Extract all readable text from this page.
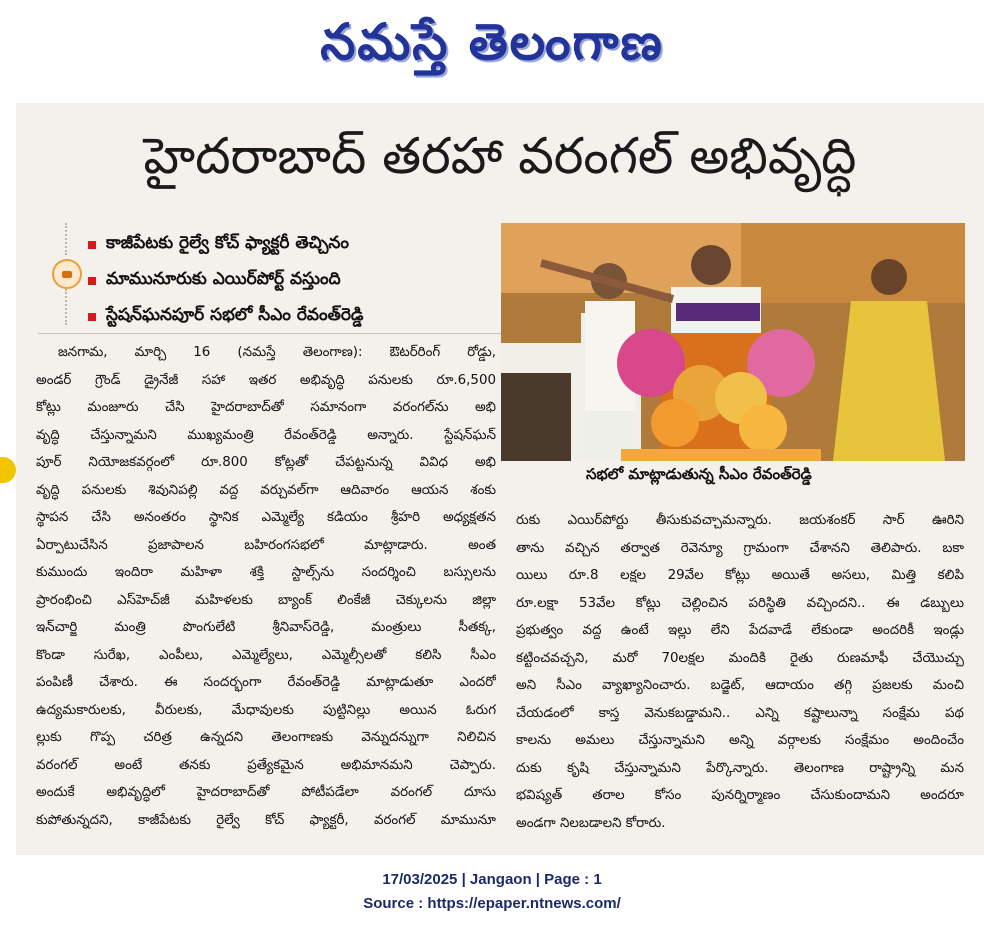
నమస్తే తెలంగాణ
హైదరాబాద్ తరహా వరంగల్ అభివృద్ధి
కాజీపేటకు రైల్వే కోచ్ ఫ్యాక్టరీ తెచ్చినం
మామునూరుకు ఎయిర్‌పోర్ట్ వస్తుంది
స్టేషన్‌ఘనపూర్ సభలో సీఎం రేవంత్‌రెడ్డి
సభలో మాట్లాడుతున్న సీఎం రేవంత్‌రెడ్డి
జనగామ, మార్చి 16 (నమస్తే తెలంగాణ): ఔటర్‌రింగ్ రోడ్డు,
అండర్ గ్రౌండ్ డ్రైనేజీ సహా ఇతర అభివృద్ధి పనులకు రూ.6,500
కోట్లు మంజూరు చేసి హైదరాబాద్‌తో సమానంగా వరంగల్‌ను అభి
వృద్ధి చేస్తున్నామని ముఖ్యమంత్రి రేవంత్‌రెడ్డి అన్నారు. స్టేషన్‌ఘన్
పూర్ నియోజకవర్గంలో రూ.800 కోట్లతో చేపట్టనున్న వివిధ అభి
వృద్ధి పనులకు శివునిపల్లి వద్ద వర్చువల్‌గా ఆదివారం ఆయన శంకు
స్థాపన చేసి అనంతరం స్థానిక ఎమ్మెల్యే కడియం శ్రీహరి అధ్యక్షతన
ఏర్పాటుచేసిన ప్రజాపాలన బహిరంగసభలో మాట్లాడారు. అంత
కుముందు ఇందిరా మహిళా శక్తి స్టాల్స్‌ను సందర్శించి బస్సులను
ప్రారంభించి ఎస్‌హెచ్‌జీ మహిళలకు బ్యాంక్ లింకేజీ చెక్కులను జిల్లా
ఇన్‌చార్జి మంత్రి పొంగులేటి శ్రీనివాస్‌రెడ్డి, మంత్రులు సీతక్క,
కొండా సురేఖ, ఎంపీలు, ఎమ్మెల్యేలు, ఎమ్మెల్సీలతో కలిసి సీఎం
పంపిణీ చేశారు. ఈ సందర్భంగా రేవంత్‌రెడ్డి మాట్లాడుతూ ఎందరో
ఉద్యమకారులకు, వీరులకు, మేధావులకు పుట్టినిల్లు అయిన ఓరుగ
ల్లుకు గొప్ప చరిత్ర ఉన్నదని తెలంగాణకు వెన్నుదన్నుగా నిలిచిన
వరంగల్ అంటే తనకు ప్రత్యేకమైన అభిమానమని చెప్పారు.
అందుకే అభివృద్ధిలో హైదరాబాద్‌తో పోటీపడేలా వరంగల్ దూసు
కుపోతున్నదని, కాజీపేటకు రైల్వే కోచ్ ఫ్యాక్టరీ, వరంగల్ మామునూ
రుకు ఎయిర్‌పోర్టు తీసుకువచ్చామన్నారు. జయశంకర్ సార్ ఊరిని
తాను వచ్చిన తర్వాత రెవెన్యూ గ్రామంగా చేశానని తెలిపారు. బకా
యిలు రూ.8 లక్షల 29వేల కోట్లు అయితే అసలు, మిత్తి కలిపి
రూ.లక్షా 53వేల కోట్లు చెల్లించిన పరిస్థితి వచ్చిందని.. ఈ డబ్బులు
ప్రభుత్వం వద్ద ఉంటే ఇల్లు లేని పేదవాడే లేకుండా అందరికీ ఇండ్లు
కట్టించవచ్చని, మరో 70లక్షల మందికి రైతు రుణమాఫీ చేయొచ్చు
అని సీఎం వ్యాఖ్యానించారు. బడ్జెట్, ఆదాయం తగ్గి ప్రజలకు మంచి
చేయడంలో కాస్త వెనుకబడ్డామని.. ఎన్ని కష్టాలున్నా సంక్షేమ పథ
కాలను అమలు చేస్తున్నామని అన్ని వర్గాలకు సంక్షేమం అందించేం
దుకు కృషి చేస్తున్నామని పేర్కొన్నారు. తెలంగాణ రాష్ట్రాన్ని మన
భవిష్యత్ తరాల కోసం పునర్నిర్మాణం చేసుకుందామని అందరూ
అండగా నిలబడాలని కోరారు.
17/03/2025 | Jangaon | Page : 1
Source : https://epaper.ntnews.com/
